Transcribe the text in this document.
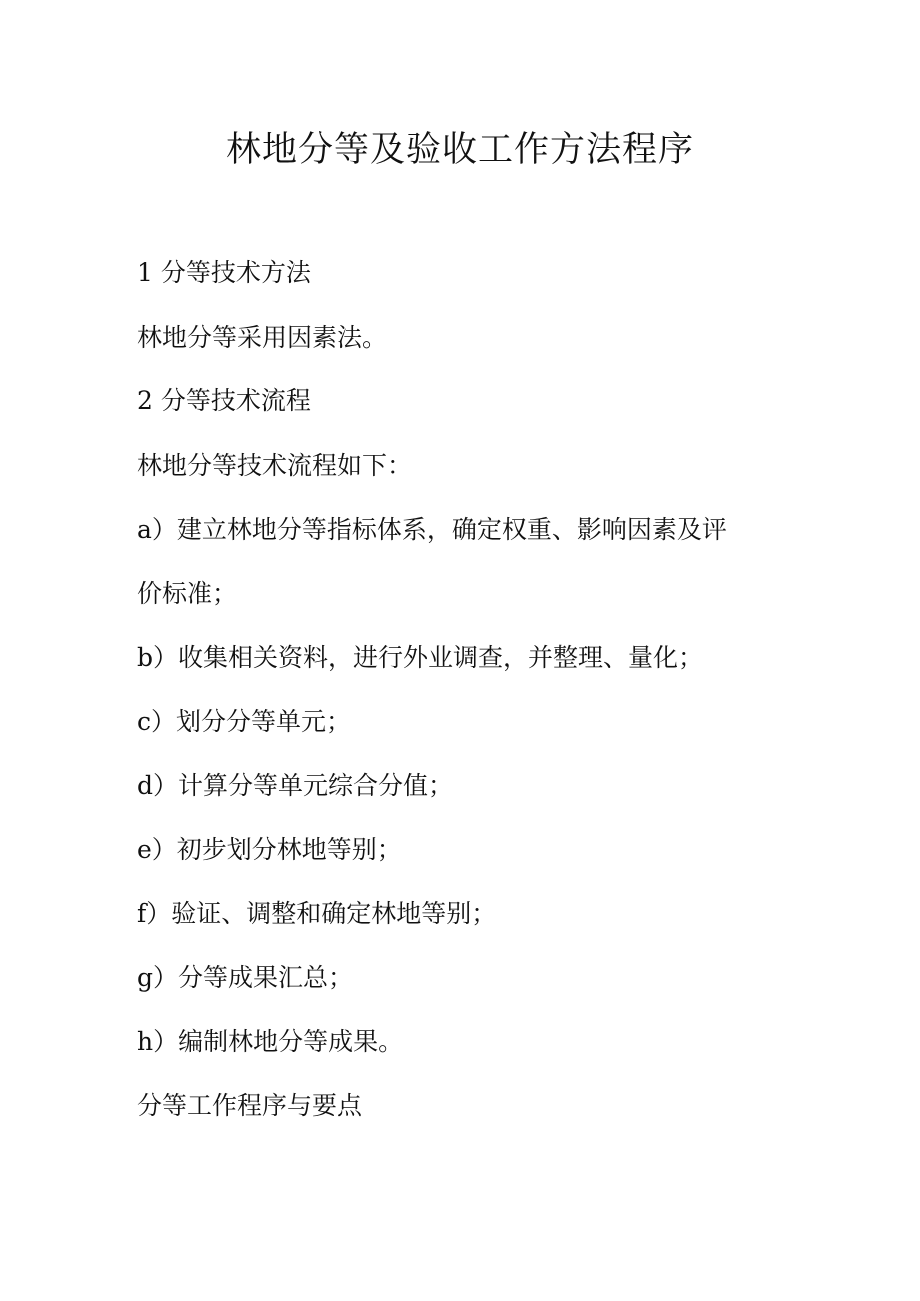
林地分等及验收工作方法程序

1 分等技术方法

林地分等采用因素法。

2 分等技术流程

林地分等技术流程如下：

a）建立林地分等指标体系，确定权重、影响因素及评

价标准；

b）收集相关资料，进行外业调查，并整理、量化；

c）划分分等单元；

d）计算分等单元综合分值；

e）初步划分林地等别；

f）验证、调整和确定林地等别；

g）分等成果汇总；

h）编制林地分等成果。

分等工作程序与要点
